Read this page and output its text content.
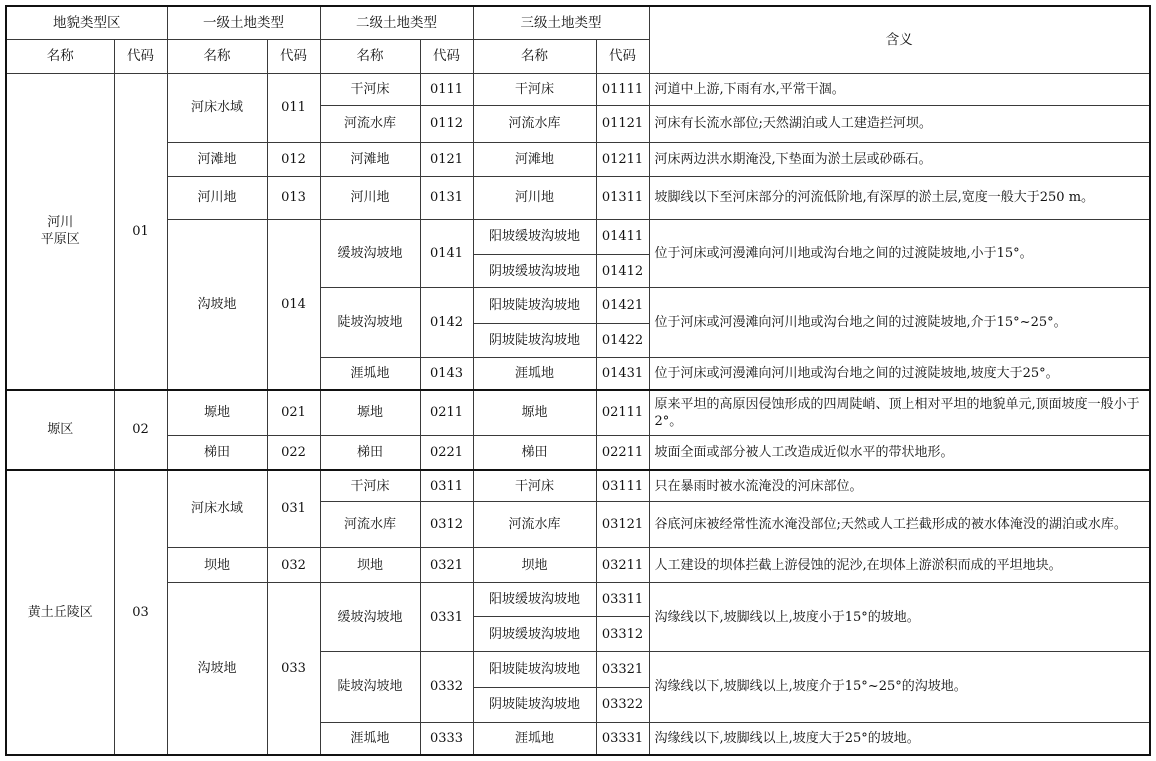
地貌类型区		一级土地类型		二级土地类型		三级土地类型		含义
名称	代码	名称	代码	名称	代码	名称	代码	
河川
平原区	01	河床水域	011	干河床	0111	干河床	01111	河道中上游,下雨有水,平常干涸。
				河流水库	0112	河流水库	01121	河床有长流水部位;天然湖泊或人工建造拦河坝。
		河滩地	012	河滩地	0121	河滩地	01211	河床两边洪水期淹没,下垫面为淤土层或砂砾石。
		河川地	013	河川地	0131	河川地	01311	坡脚线以下至河床部分的河流低阶地,有深厚的淤土层,宽度一般大于250 m。
		沟坡地	014	缓坡沟坡地	0141	阳坡缓坡沟坡地	01411	位于河床或河漫滩向河川地或沟台地之间的过渡陡坡地,小于15°。
						阴坡缓坡沟坡地	01412	
				陡坡沟坡地	0142	阳坡陡坡沟坡地	01421	位于河床或河漫滩向河川地或沟台地之间的过渡陡坡地,介于15°~25°。
						阴坡陡坡沟坡地	01422	
				涯坬地	0143	涯坬地	01431	位于河床或河漫滩向河川地或沟台地之间的过渡陡坡地,坡度大于25°。
塬区	02	塬地	021	塬地	0211	塬地	02111	原来平坦的高原因侵蚀形成的四周陡峭、顶上相对平坦的地貌单元,顶面坡度一般小于2°。
		梯田	022	梯田	0221	梯田	02211	坡面全面或部分被人工改造成近似水平的带状地形。
黄土丘陵区	03	河床水域	031	干河床	0311	干河床	03111	只在暴雨时被水流淹没的河床部位。
				河流水库	0312	河流水库	03121	谷底河床被经常性流水淹没部位;天然或人工拦截形成的被水体淹没的湖泊或水库。
		坝地	032	坝地	0321	坝地	03211	人工建设的坝体拦截上游侵蚀的泥沙,在坝体上游淤积而成的平坦地块。
		沟坡地	033	缓坡沟坡地	0331	阳坡缓坡沟坡地	03311	沟缘线以下,坡脚线以上,坡度小于15°的坡地。
						阴坡缓坡沟坡地	03312	
				陡坡沟坡地	0332	阳坡陡坡沟坡地	03321	沟缘线以下,坡脚线以上,坡度介于15°~25°的沟坡地。
						阴坡陡坡沟坡地	03322	
				涯坬地	0333	涯坬地	03331	沟缘线以下,坡脚线以上,坡度大于25°的坡地。
